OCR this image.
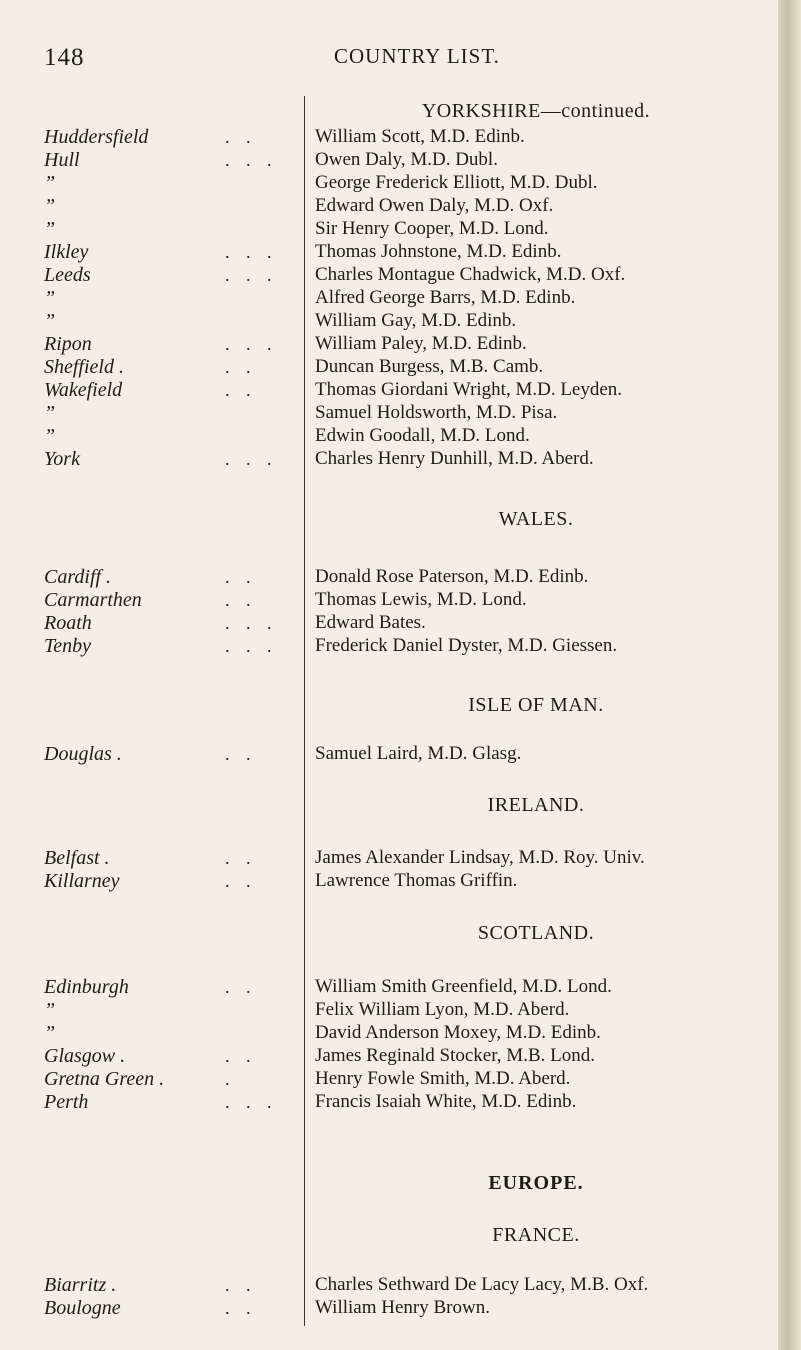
148	COUNTRY LIST.
YORKSHIRE—continued.
Huddersfield	. .	William Scott, M.D. Edinb.
Hull	. . .	Owen Daly, M.D. Dubl.
”	George Frederick Elliott, M.D. Dubl.
”	Edward Owen Daly, M.D. Oxf.
”	Sir Henry Cooper, M.D. Lond.
Ilkley	. . .	Thomas Johnstone, M.D. Edinb.
Leeds	. . .	Charles Montague Chadwick, M.D. Oxf.
”	Alfred George Barrs, M.D. Edinb.
”	William Gay, M.D. Edinb.
Ripon	. . .	William Paley, M.D. Edinb.
Sheffield .	. .	Duncan Burgess, M.B. Camb.
Wakefield	. .	Thomas Giordani Wright, M.D. Leyden.
”	Samuel Holdsworth, M.D. Pisa.
”	Edwin Goodall, M.D. Lond.
York	. . .	Charles Henry Dunhill, M.D. Aberd.
WALES.
Cardiff .	. .	Donald Rose Paterson, M.D. Edinb.
Carmarthen	. .	Thomas Lewis, M.D. Lond.
Roath	. . .	Edward Bates.
Tenby	. . .	Frederick Daniel Dyster, M.D. Giessen.
ISLE OF MAN.
Douglas .	. .	Samuel Laird, M.D. Glasg.
IRELAND.
Belfast .	. .	James Alexander Lindsay, M.D. Roy. Univ.
Killarney	. .	Lawrence Thomas Griffin.
SCOTLAND.
Edinburgh	. .	William Smith Greenfield, M.D. Lond.
”	Felix William Lyon, M.D. Aberd.
”	David Anderson Moxey, M.D. Edinb.
Glasgow .	. .	James Reginald Stocker, M.B. Lond.
Gretna Green .	.	Henry Fowle Smith, M.D. Aberd.
Perth	. . .	Francis Isaiah White, M.D. Edinb.
EUROPE.
FRANCE.
Biarritz .	. .	Charles Sethward De Lacy Lacy, M.B. Oxf.
Boulogne	. .	William Henry Brown.
